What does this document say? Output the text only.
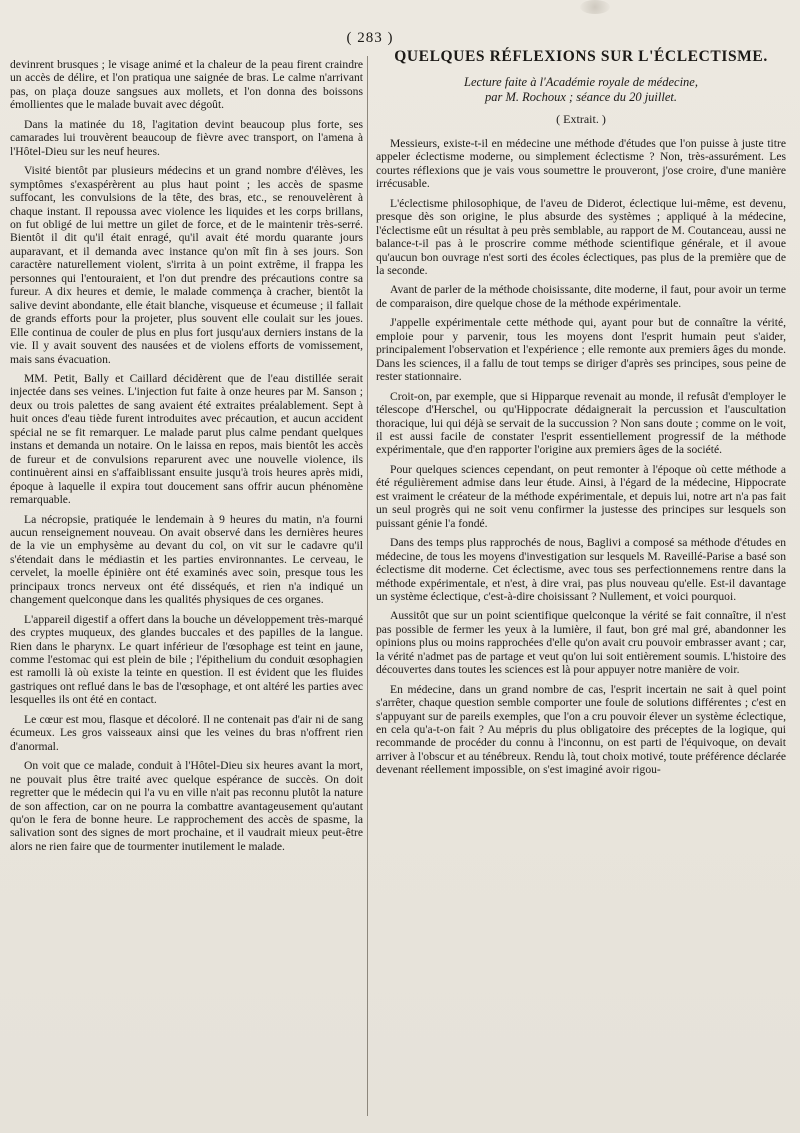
( 283 )

devinrent brusques ; le visage animé et la chaleur de la peau firent craindre un accès de délire, et l'on pratiqua une saignée de bras. Le calme n'arrivant pas, on plaça douze sangsues aux mollets, et l'on donna des boissons émollientes que le malade buvait avec dégoût.

Dans la matinée du 18, l'agitation devint beaucoup plus forte, ses camarades lui trouvèrent beaucoup de fièvre avec transport, on l'amena à l'Hôtel-Dieu sur les neuf heures.

Visité bientôt par plusieurs médecins et un grand nombre d'élèves, les symptômes s'exaspérèrent au plus haut point ; les accès de spasme suffocant, les convulsions de la tête, des bras, etc., se renouvelèrent à chaque instant. Il repoussa avec violence les liquides et les corps brillans, on fut obligé de lui mettre un gilet de force, et de le maintenir très-serré. Bientôt il dit qu'il était enragé, qu'il avait été mordu quarante jours auparavant, et il demanda avec instance qu'on mît fin à ses jours. Son caractère naturellement violent, s'irrita à un point extrême, il frappa les personnes qui l'entouraient, et l'on dut prendre des précautions contre sa fureur. A dix heures et demie, le malade commença à cracher, bientôt la salive devint abondante, elle était blanche, visqueuse et écumeuse ; il fallait de grands efforts pour la projeter, plus souvent elle coulait sur les joues. Elle continua de couler de plus en plus fort jusqu'aux derniers instans de la vie. Il y avait souvent des nausées et de violens efforts de vomissement, mais sans évacuation.

MM. Petit, Bally et Caillard décidèrent que de l'eau distillée serait injectée dans ses veines. L'injection fut faite à onze heures par M. Sanson ; deux ou trois palettes de sang avaient été extraites préalablement. Sept à huit onces d'eau tiède furent introduites avec précaution, et aucun accident spécial ne se fit remarquer. Le malade parut plus calme pendant quelques instans et demanda un notaire. On le laissa en repos, mais bientôt les accès de fureur et de convulsions reparurent avec une nouvelle violence, ils continuèrent ainsi en s'affaiblissant ensuite jusqu'à trois heures après midi, époque à laquelle il expira tout doucement sans offrir aucun phénomène remarquable.

La nécropsie, pratiquée le lendemain à 9 heures du matin, n'a fourni aucun renseignement nouveau. On avait observé dans les dernières heures de la vie un emphysème au devant du col, on vit sur le cadavre qu'il s'étendait dans le médiastin et les parties environnantes. Le cerveau, le cervelet, la moelle épinière ont été examinés avec soin, presque tous les principaux troncs nerveux ont été disséqués, et rien n'a indiqué un changement quelconque dans les qualités physiques de ces organes.

L'appareil digestif a offert dans la bouche un développement très-marqué des cryptes muqueux, des glandes buccales et des papilles de la langue. Rien dans le pharynx. Le quart inférieur de l'œsophage est teint en jaune, comme l'estomac qui est plein de bile ; l'épithelium du conduit œsophagien est ramolli là où existe la teinte en question. Il est évident que les fluides gastriques ont reflué dans le bas de l'œsophage, et ont altéré les parties avec lesquelles ils ont été en contact.

Le cœur est mou, flasque et décoloré. Il ne contenait pas d'air ni de sang écumeux. Les gros vaisseaux ainsi que les veines du bras n'offrent rien d'anormal.

On voit que ce malade, conduit à l'Hôtel-Dieu six heures avant la mort, ne pouvait plus être traité avec quelque espérance de succès. On doit regretter que le médecin qui l'a vu en ville n'ait pas reconnu plutôt la nature de son affection, car on ne pourra la combattre avantageusement qu'autant qu'on le fera de bonne heure. Le rapprochement des accès de spasme, la salivation sont des signes de mort prochaine, et il vaudrait mieux peut-être alors ne rien faire que de tourmenter inutilement le malade.

QUELQUES RÉFLEXIONS SUR L'ÉCLECTISME.
Lecture faite à l'Académie royale de médecine,
par M. Rochoux ; séance du 20 juillet.
( Extrait. )

Messieurs, existe-t-il en médecine une méthode d'études que l'on puisse à juste titre appeler éclectisme moderne, ou simplement éclectisme ? Non, très-assurément. Les courtes réflexions que je vais vous soumettre le prouveront, j'ose croire, d'une manière irrécusable.

L'éclectisme philosophique, de l'aveu de Diderot, éclectique lui-même, est devenu, presque dès son origine, le plus absurde des systèmes ; appliqué à la médecine, l'éclectisme eût un résultat à peu près semblable, au rapport de M. Coutanceau, aussi ne balance-t-il pas à le proscrire comme méthode scientifique générale, et il avoue qu'aucun bon ouvrage n'est sorti des écoles éclectiques, pas plus de la première que de la seconde.

Avant de parler de la méthode choisissante, dite moderne, il faut, pour avoir un terme de comparaison, dire quelque chose de la méthode expérimentale.

J'appelle expérimentale cette méthode qui, ayant pour but de connaître la vérité, emploie pour y parvenir, tous les moyens dont l'esprit humain peut s'aider, principalement l'observation et l'expérience ; elle remonte aux premiers âges du monde. Dans les sciences, il a fallu de tout temps se diriger d'après ses principes, sous peine de rester stationnaire.

Croit-on, par exemple, que si Hipparque revenait au monde, il refusât d'employer le télescope d'Herschel, ou qu'Hippocrate dédaignerait la percussion et l'auscultation thoracique, lui qui déjà se servait de la succussion ? Non sans doute ; comme on le voit, il est aussi facile de constater l'esprit essentiellement progressif de la méthode expérimentale, que d'en rapporter l'origine aux premiers âges de la société.

Pour quelques sciences cependant, on peut remonter à l'époque où cette méthode a été régulièrement admise dans leur étude. Ainsi, à l'égard de la médecine, Hippocrate est vraiment le créateur de la méthode expérimentale, et depuis lui, notre art n'a pas fait un seul progrès qui ne soit venu confirmer la justesse des principes sur lesquels son puissant génie l'a fondé.

Dans des temps plus rapprochés de nous, Baglivi a composé sa méthode d'études en médecine, de tous les moyens d'investigation sur lesquels M. Raveillé-Parise a basé son éclectisme dit moderne. Cet éclectisme, avec tous ses perfectionnemens rentre dans la méthode expérimentale, et n'est, à dire vrai, pas plus nouveau qu'elle. Est-il davantage un système éclectique, c'est-à-dire choisissant ? Nullement, et voici pourquoi.

Aussitôt que sur un point scientifique quelconque la vérité se fait connaître, il n'est pas possible de fermer les yeux à la lumière, il faut, bon gré mal gré, abandonner les opinions plus ou moins rapprochées d'elle qu'on avait cru pouvoir embrasser avant ; car, la vérité n'admet pas de partage et veut qu'on lui soit entièrement soumis. L'histoire des découvertes dans toutes les sciences est là pour appuyer notre manière de voir.

En médecine, dans un grand nombre de cas, l'esprit incertain ne sait à quel point s'arrêter, chaque question semble comporter une foule de solutions différentes ; c'est en s'appuyant sur de pareils exemples, que l'on a cru pouvoir élever un système éclectique, en cela qu'a-t-on fait ? Au mépris du plus obligatoire des préceptes de la logique, qui recommande de procéder du connu à l'inconnu, on est parti de l'équivoque, on devait arriver à l'obscur et au ténébreux. Rendu là, tout choix motivé, toute préférence déclarée devenant réellement impossible, on s'est imaginé avoir rigou-
